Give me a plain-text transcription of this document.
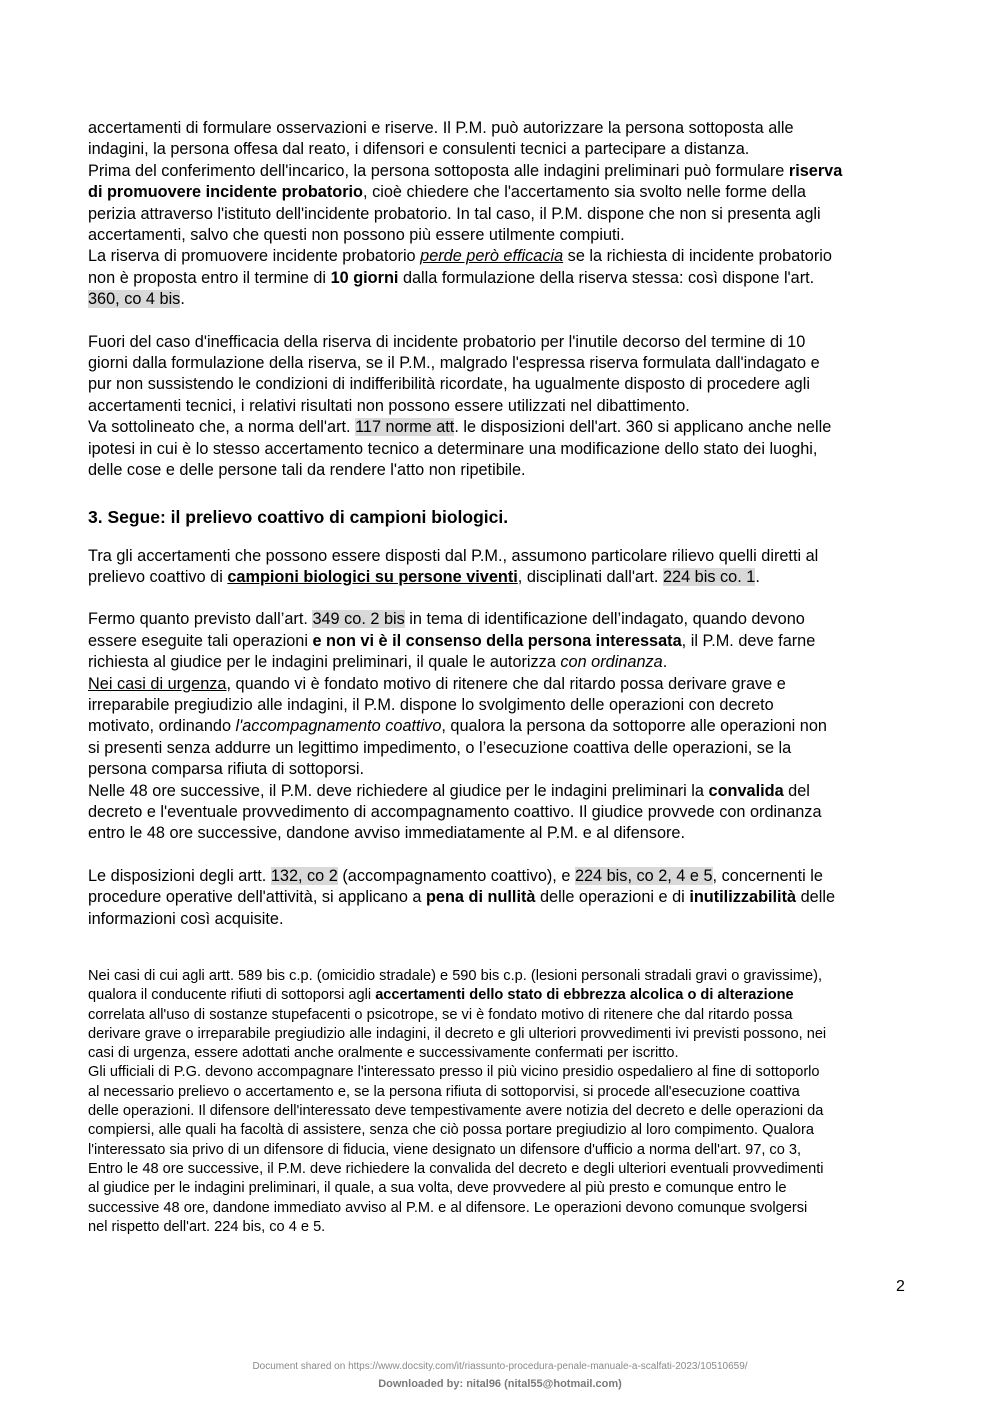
accertamenti di formulare osservazioni e riserve. Il P.M. può autorizzare la persona sottoposta alle

indagini, la persona offesa dal reato, i difensori e consulenti tecnici a partecipare a distanza.

Prima del conferimento dell'incarico, la persona sottoposta alle indagini preliminari può formulare riserva

di promuovere incidente probatorio, cioè chiedere che l'accertamento sia svolto nelle forme della

perizia attraverso l'istituto dell'incidente probatorio. In tal caso, il P.M. dispone che non si presenta agli

accertamenti, salvo che questi non possono più essere utilmente compiuti.

La riserva di promuovere incidente probatorio perde però efficacia se la richiesta di incidente probatorio

non è proposta entro il termine di 10 giorni dalla formulazione della riserva stessa: così dispone l'art.

360, co 4 bis.

Fuori del caso d'inefficacia della riserva di incidente probatorio per l'inutile decorso del termine di 10

giorni dalla formulazione della riserva, se il P.M., malgrado l'espressa riserva formulata dall'indagato e

pur non sussistendo le condizioni di indifferibilità ricordate, ha ugualmente disposto di procedere agli

accertamenti tecnici, i relativi risultati non possono essere utilizzati nel dibattimento.

Va sottolineato che, a norma dell'art. 117 norme att. le disposizioni dell'art. 360 si applicano anche nelle

ipotesi in cui è lo stesso accertamento tecnico a determinare una modificazione dello stato dei luoghi,

delle cose e delle persone tali da rendere l'atto non ripetibile.

3. Segue: il prelievo coattivo di campioni biologici.

Tra gli accertamenti che possono essere disposti dal P.M., assumono particolare rilievo quelli diretti al

prelievo coattivo di campioni biologici su persone viventi, disciplinati dall'art. 224 bis co. 1.

Fermo quanto previsto dall’art. 349 co. 2 bis in tema di identificazione dell’indagato, quando devono

essere eseguite tali operazioni e non vi è il consenso della persona interessata, il P.M. deve farne

richiesta al giudice per le indagini preliminari, il quale le autorizza con ordinanza.

Nei casi di urgenza, quando vi è fondato motivo di ritenere che dal ritardo possa derivare grave e

irreparabile pregiudizio alle indagini, il P.M. dispone lo svolgimento delle operazioni con decreto

motivato, ordinando l'accompagnamento coattivo, qualora la persona da sottoporre alle operazioni non

si presenti senza addurre un legittimo impedimento, o l’esecuzione coattiva delle operazioni, se la

persona comparsa rifiuta di sottoporsi.

Nelle 48 ore successive, il P.M. deve richiedere al giudice per le indagini preliminari la convalida del

decreto e l'eventuale provvedimento di accompagnamento coattivo. Il giudice provvede con ordinanza

entro le 48 ore successive, dandone avviso immediatamente al P.M. e al difensore.

Le disposizioni degli artt. 132, co 2 (accompagnamento coattivo), e 224 bis, co 2, 4 e 5, concernenti le

procedure operative dell'attività, si applicano a pena di nullità delle operazioni e di inutilizzabilità delle

informazioni così acquisite.

Nei casi di cui agli artt. 589 bis c.p. (omicidio stradale) e 590 bis c.p. (lesioni personali stradali gravi o gravissime),

qualora il conducente rifiuti di sottoporsi agli accertamenti dello stato di ebbrezza alcolica o di alterazione

correlata all'uso di sostanze stupefacenti o psicotrope, se vi è fondato motivo di ritenere che dal ritardo possa

derivare grave o irreparabile pregiudizio alle indagini, il decreto e gli ulteriori provvedimenti ivi previsti possono, nei

casi di urgenza, essere adottati anche oralmente e successivamente confermati per iscritto.

Gli ufficiali di P.G. devono accompagnare l'interessato presso il più vicino presidio ospedaliero al fine di sottoporlo

al necessario prelievo o accertamento e, se la persona rifiuta di sottoporvisi, si procede all'esecuzione coattiva

delle operazioni. Il difensore dell'interessato deve tempestivamente avere notizia del decreto e delle operazioni da

compiersi, alle quali ha facoltà di assistere, senza che ciò possa portare pregiudizio al loro compimento. Qualora

l'interessato sia privo di un difensore di fiducia, viene designato un difensore d'ufficio a norma dell'art. 97, co 3,

Entro le 48 ore successive, il P.M. deve richiedere la convalida del decreto e degli ulteriori eventuali provvedimenti

al giudice per le indagini preliminari, il quale, a sua volta, deve provvedere al più presto e comunque entro le

successive 48 ore, dandone immediato avviso al P.M. e al difensore. Le operazioni devono comunque svolgersi

nel rispetto dell'art. 224 bis, co 4 e 5.

2
Document shared on https://www.docsity.com/it/riassunto-procedura-penale-manuale-a-scalfati-2023/10510659/
Downloaded by: nital96 (nital55@hotmail.com)
